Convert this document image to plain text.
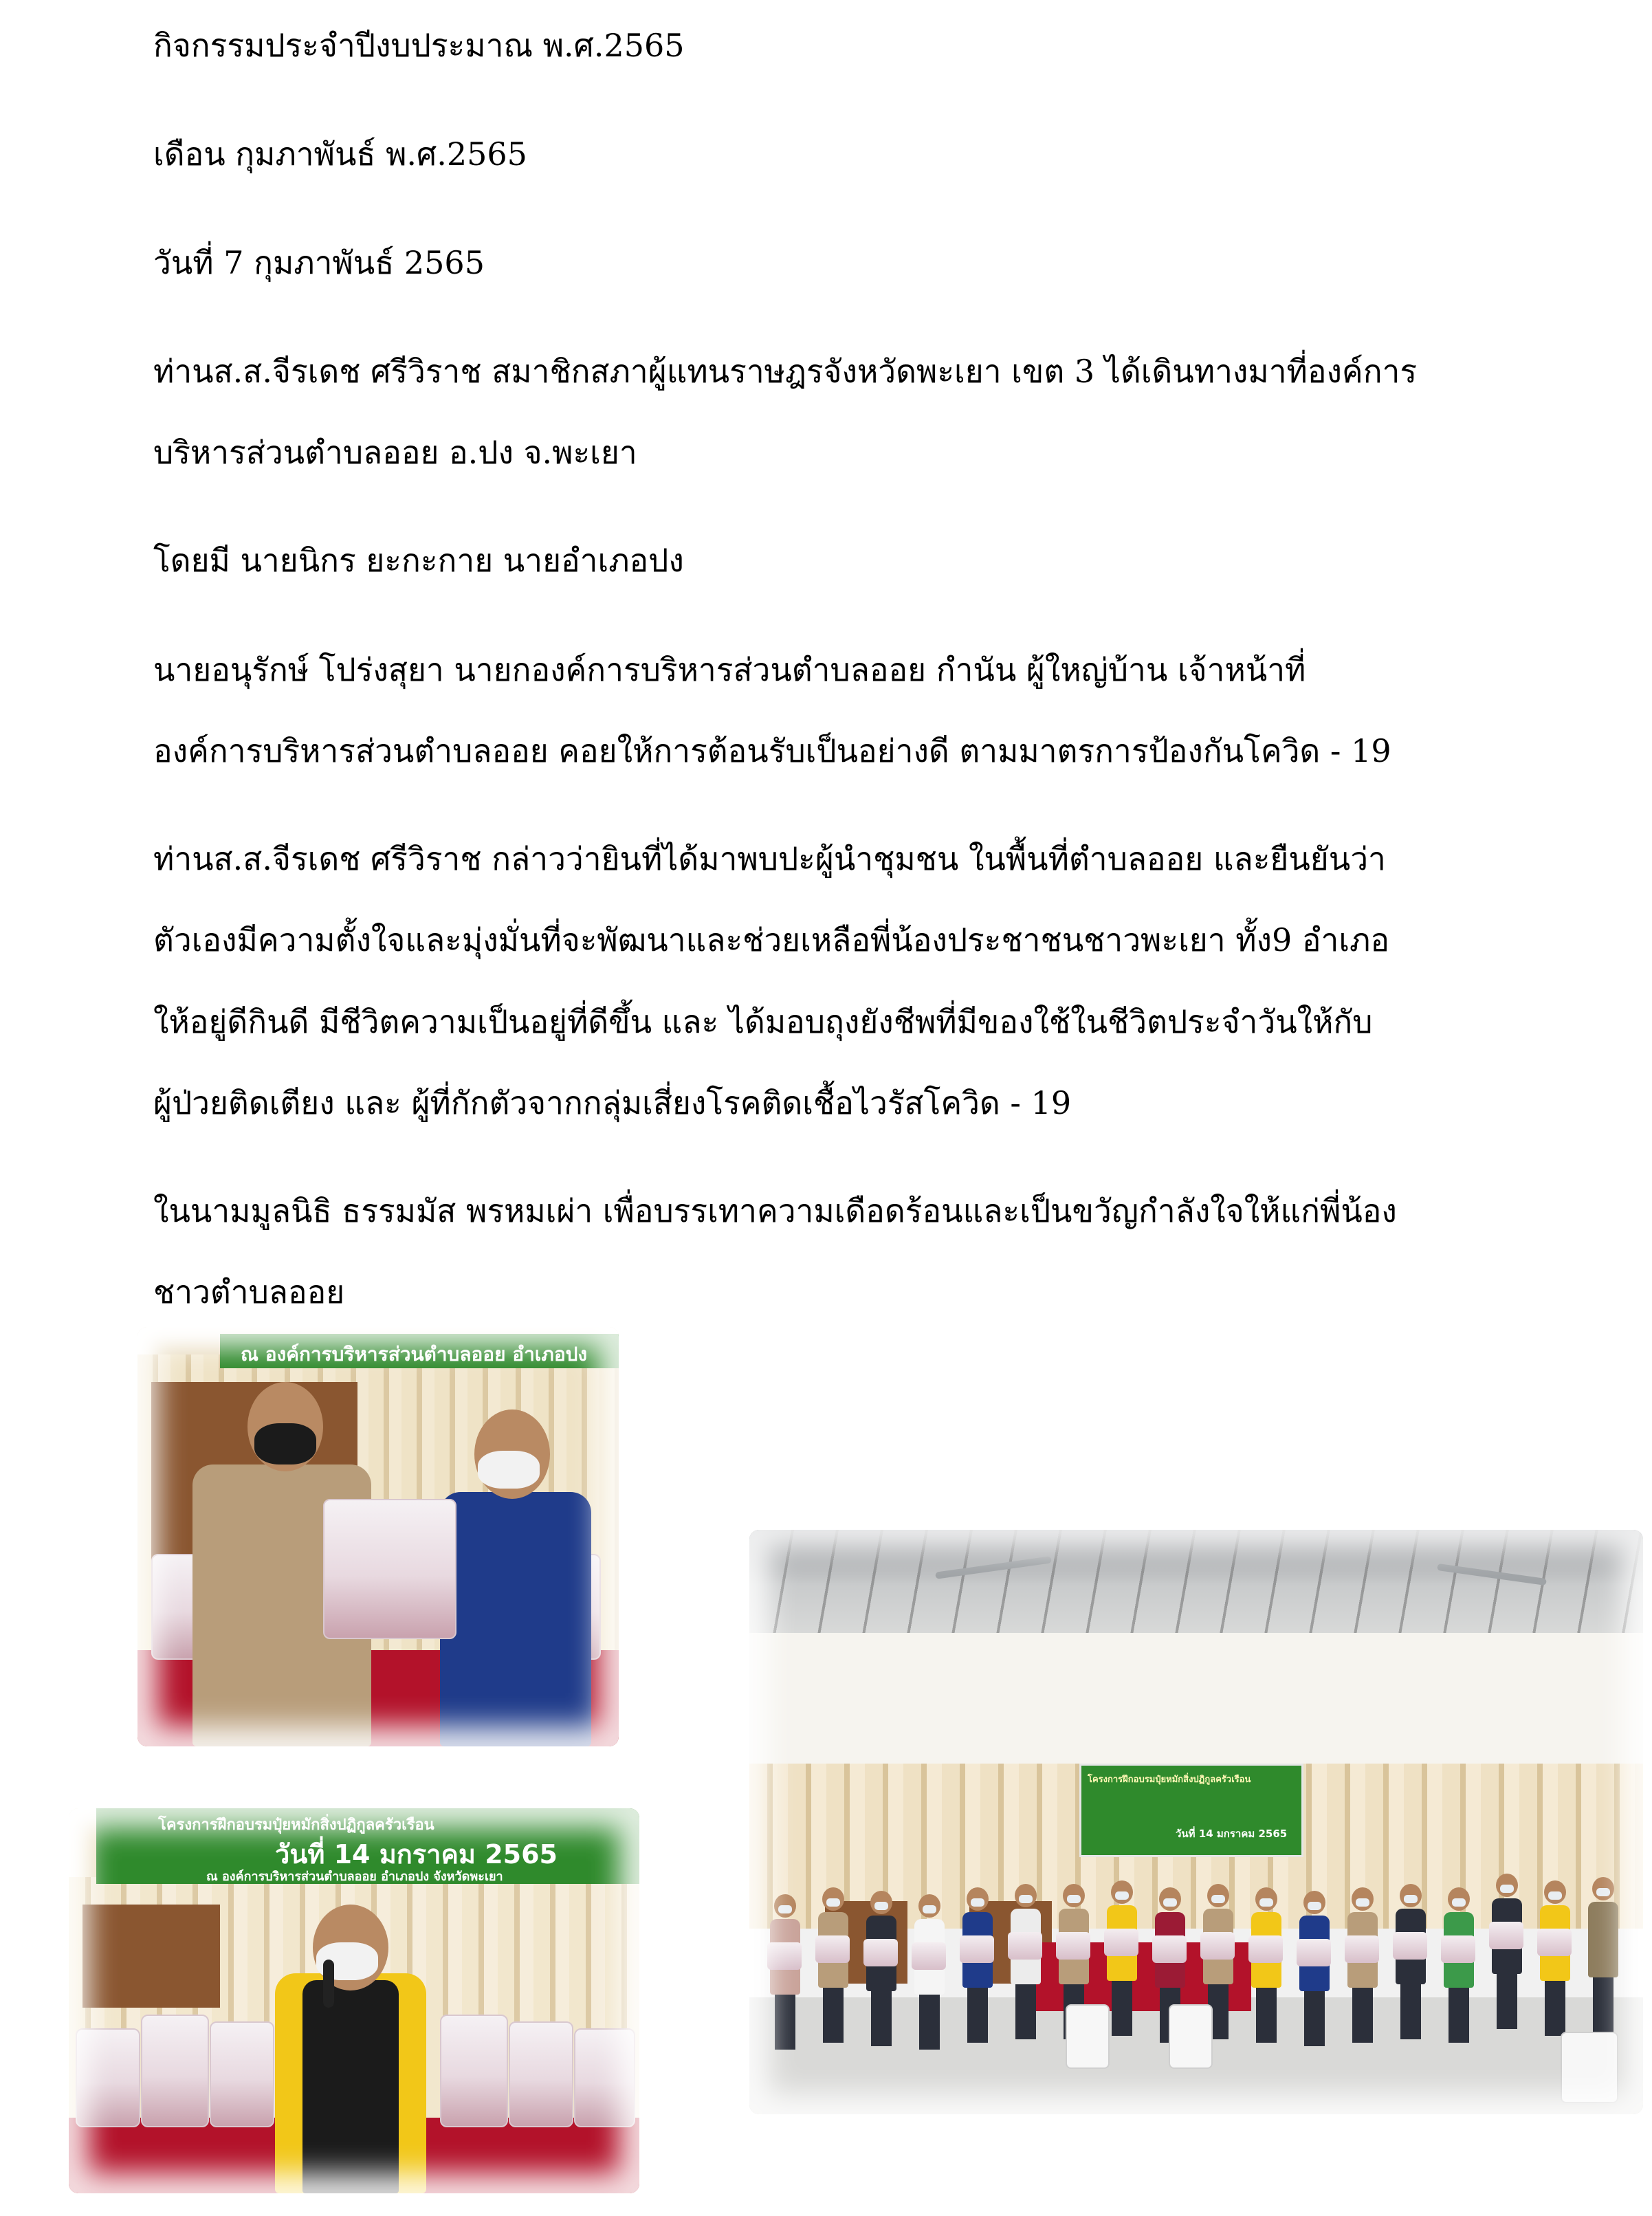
กิจกรรมประจำปีงบประมาณ พ.ศ.2565
เดือน กุมภาพันธ์ พ.ศ.2565
วันที่ 7 กุมภาพันธ์ 2565
ท่านส.ส.จีรเดช ศรีวิราช สมาชิกสภาผู้แทนราษฎรจังหวัดพะเยา เขต 3 ได้เดินทางมาที่องค์การ
บริหารส่วนตำบลออย อ.ปง จ.พะเยา
โดยมี นายนิกร ยะกะกาย นายอำเภอปง
นายอนุรักษ์ โปร่งสุยา นายกองค์การบริหารส่วนตำบลออย กำนัน ผู้ใหญ่บ้าน เจ้าหน้าที่
องค์การบริหารส่วนตำบลออย คอยให้การต้อนรับเป็นอย่างดี ตามมาตรการป้องกันโควิด - 19
ท่านส.ส.จีรเดช ศรีวิราช กล่าวว่ายินที่ได้มาพบปะผู้นำชุมชน ในพื้นที่ตำบลออย และยืนยันว่า
ตัวเองมีความตั้งใจและมุ่งมั่นที่จะพัฒนาและช่วยเหลือพี่น้องประชาชนชาวพะเยา ทั้ง9 อำเภอ
ให้อยู่ดีกินดี มีชีวิตความเป็นอยู่ที่ดีขึ้น และ ได้มอบถุงยังชีพที่มีของใช้ในชีวิตประจำวันให้กับ
ผู้ป่วยติดเตียง และ ผู้ที่กักตัวจากกลุ่มเสี่ยงโรคติดเชื้อไวรัสโควิด - 19
ในนามมูลนิธิ ธรรมมัส พรหมเผ่า เพื่อบรรเทาความเดือดร้อนและเป็นขวัญกำลังใจให้แก่พี่น้อง
ชาวตำบลออย
ณ องค์การบริหารส่วนตำบลออย อำเภอปง
โครงการฝึกอบรมปุ๋ยหมักสิ่งปฏิกูลครัวเรือน
วันที่ 14 มกราคม 2565
ณ องค์การบริหารส่วนตำบลออย อำเภอปง จังหวัดพะเยา
โครงการฝึกอบรมปุ๋ยหมักสิ่งปฏิกูลครัวเรือน
วันที่ 14 มกราคม 2565
